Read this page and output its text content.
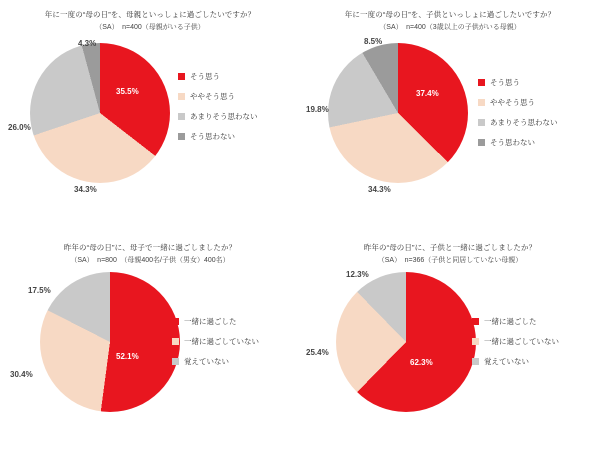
年に一度の“母の日”を、母親といっしょに過ごしたいですか？
（SA）　n=400（母親がいる子供）
35.5%
34.3%
26.0%
4.3%
そう思う
ややそう思う
あまりそう思わない
そう思わない
年に一度の“母の日”を、子供といっしょに過ごしたいですか？
（SA）　n=400（3歳以上の子供がいる母親）
37.4%
34.3%
19.8%
8.5%
そう思う
ややそう思う
あまりそう思わない
そう思わない
昨年の“母の日”に、母子で一緒に過ごしましたか？
（SA）　n=800　（母親400名/子供（男女）400名）
52.1%
30.4%
17.5%
一緒に過ごした
一緒に過ごしていない
覚えていない
昨年の“母の日”に、子供と一緒に過ごしましたか？
（SA）　n=366（子供と同居していない母親）
62.3%
25.4%
12.3%
一緒に過ごした
一緒に過ごしていない
覚えていない
